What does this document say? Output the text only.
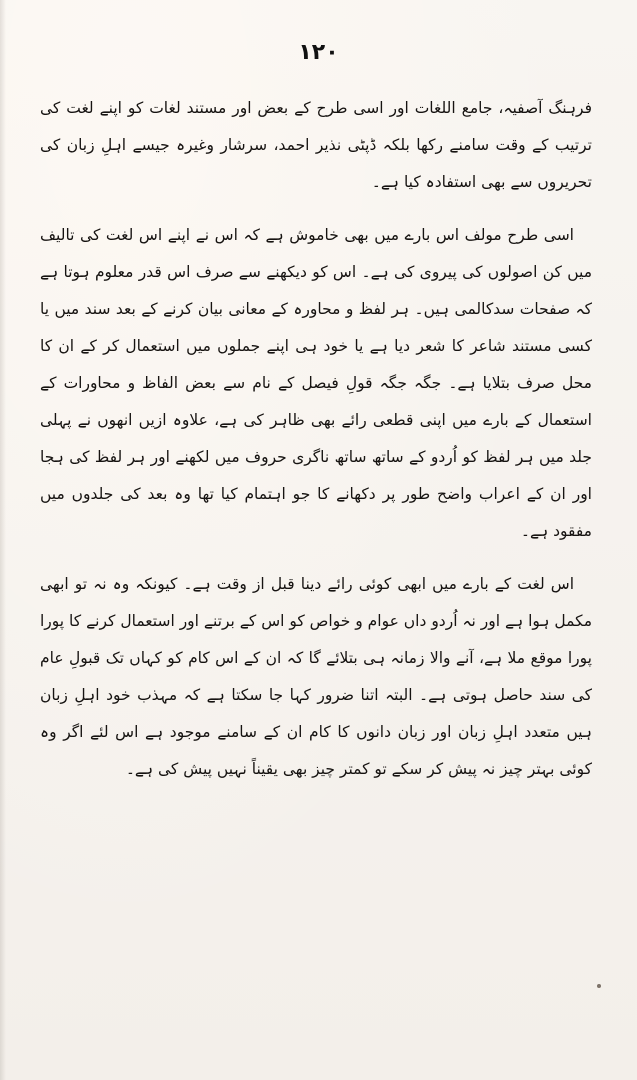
١٢٠

فرہنگ آصفیہ، جامع اللغات اور اسی طرح کے بعض اور مستند لغات کو اپنے لغت کی ترتیب کے وقت سامنے رکھا بلکہ ڈپٹی نذیر احمد، سرشار وغیرہ جیسے اہلِ زبان کی تحریروں سے بھی استفادہ کیا ہے۔

اسی طرح مولف اس بارے میں بھی خاموش ہے کہ اس نے اپنے اس لغت کی تالیف میں کن اصولوں کی پیروی کی ہے۔ اس کو دیکھنے سے صرف اس قدر معلوم ہوتا ہے کہ صفحات سدکالمی ہیں۔ ہر لفظ و محاورہ کے معانی بیان کرنے کے بعد سند میں یا کسی مستند شاعر کا شعر دیا ہے یا خود ہی اپنے جملوں میں استعمال کر کے ان کا محل صرف بتلایا ہے۔ جگہ جگہ قولِ فیصل کے نام سے بعض الفاظ و محاورات کے استعمال کے بارے میں اپنی قطعی رائے بھی ظاہر کی ہے، علاوہ ازیں انھوں نے پہلی جلد میں ہر لفظ کو اُردو کے ساتھ ساتھ ناگری حروف میں لکھنے اور ہر لفظ کی ہجا اور ان کے اعراب واضح طور پر دکھانے کا جو اہتمام کیا تھا وہ بعد کی جلدوں میں مفقود ہے۔

اس لغت کے بارے میں ابھی کوئی رائے دینا قبل از وقت ہے۔ کیونکہ وہ نہ تو ابھی مکمل ہوا ہے اور نہ اُردو داں عوام و خواص کو اس کے برتنے اور استعمال کرنے کا پورا پورا موقع ملا ہے، آنے والا زمانہ ہی بتلائے گا کہ ان کے اس کام کو کہاں تک قبولِ عام کی سند حاصل ہوتی ہے۔ البتہ اتنا ضرور کہا جا سکتا ہے کہ مہذب خود اہلِ زبان ہیں متعدد اہلِ زبان اور زبان دانوں کا کام ان کے سامنے موجود ہے اس لئے اگر وہ کوئی بہتر چیز نہ پیش کر سکے تو کمتر چیز بھی یقیناً نہیں پیش کی ہے۔
